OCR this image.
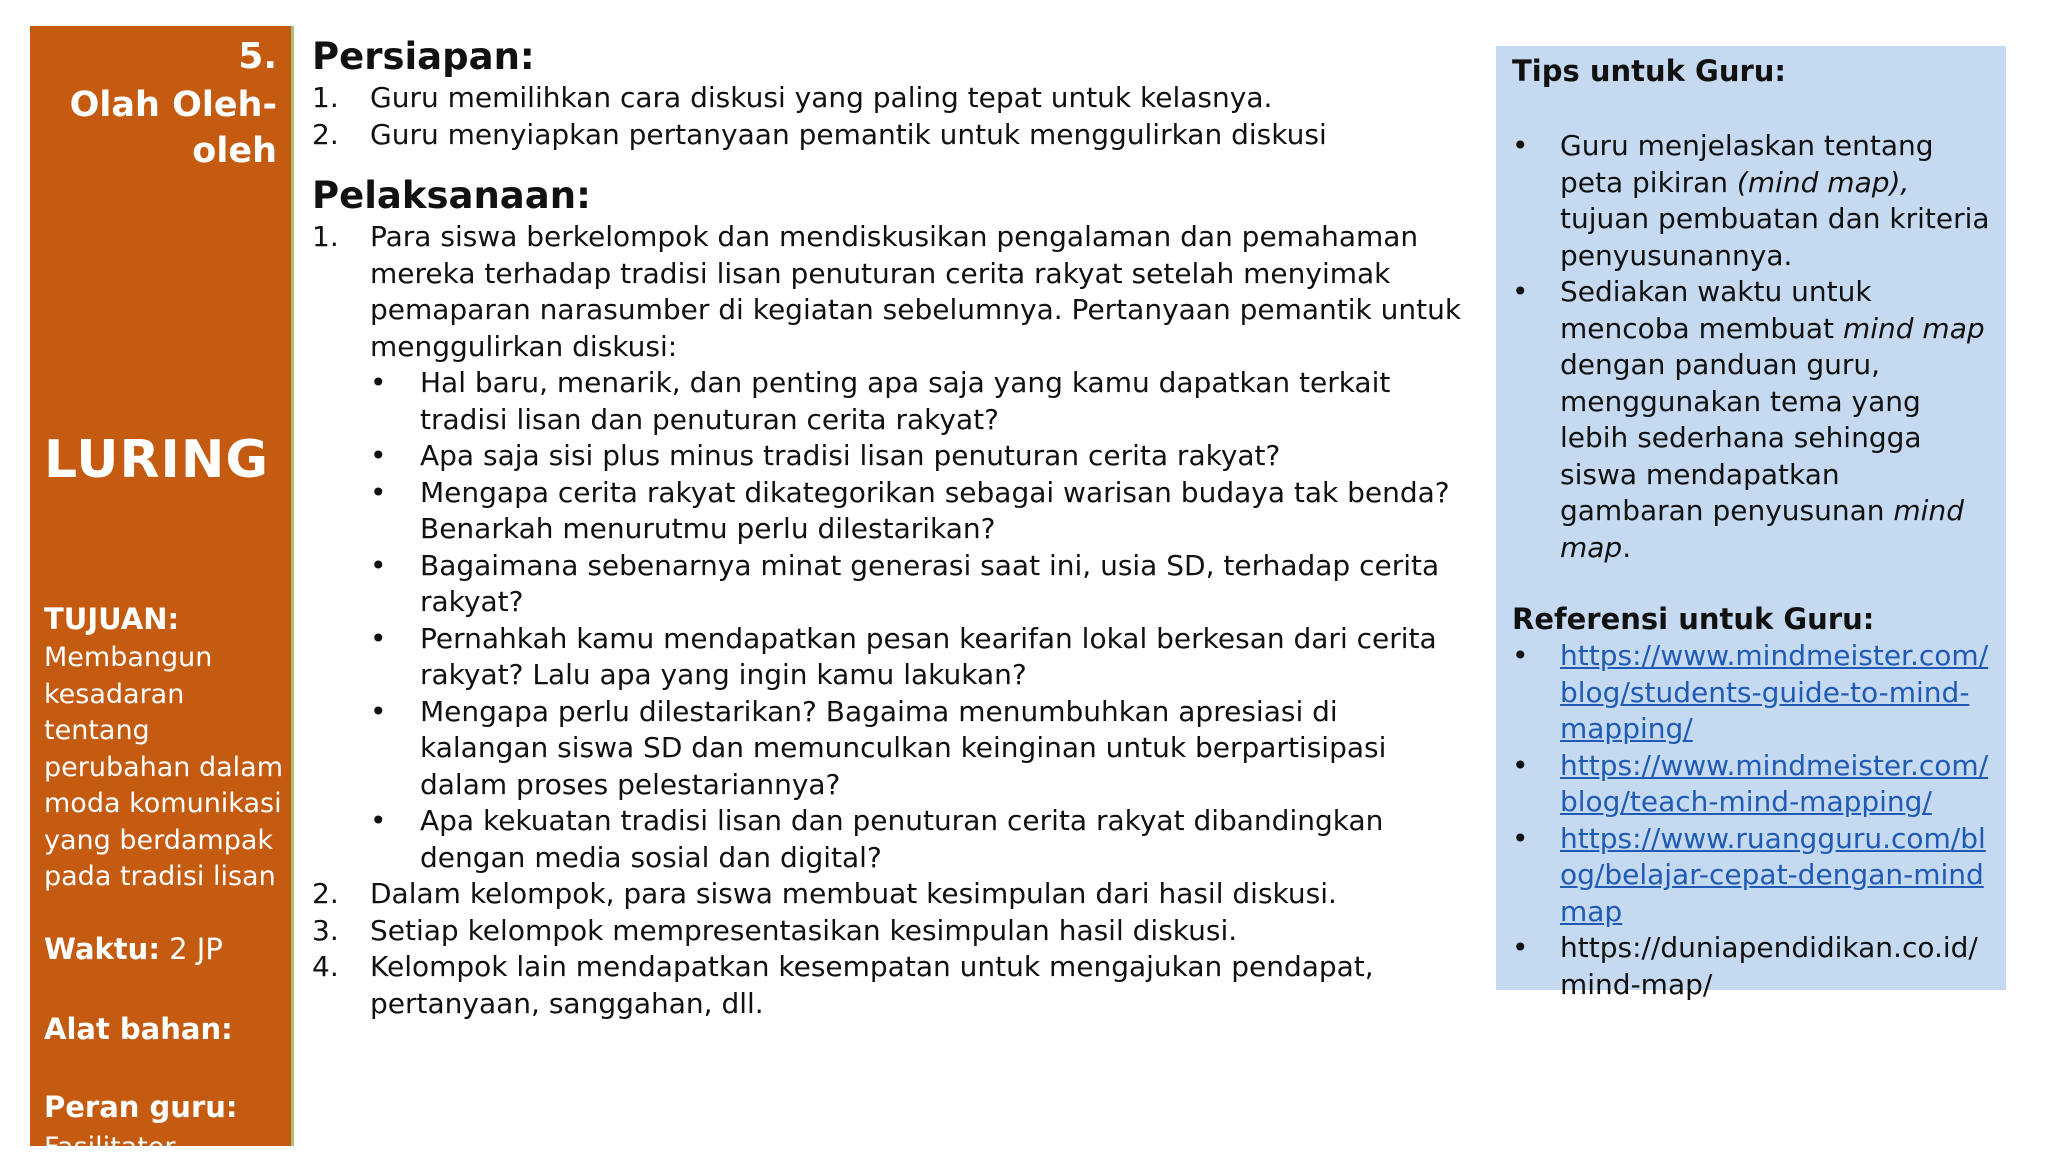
5.
Olah Oleh-oleh
LURING
TUJUAN:
Membangun kesadaran tentang perubahan dalam moda komunikasi yang berdampak pada tradisi lisan
Waktu: 2 JP
Alat bahan:
Peran guru:
Fasilitator
Persiapan:
1. Guru memilihkan cara diskusi yang paling tepat untuk kelasnya.
2. Guru menyiapkan pertanyaan pemantik untuk menggulirkan diskusi
Pelaksanaan:
1. Para siswa berkelompok dan mendiskusikan pengalaman dan pemahaman mereka terhadap tradisi lisan penuturan cerita rakyat setelah menyimak pemaparan narasumber di kegiatan sebelumnya. Pertanyaan pemantik untuk menggulirkan diskusi:
• Hal baru, menarik, dan penting apa saja yang kamu dapatkan terkait tradisi lisan dan penuturan cerita rakyat?
• Apa saja sisi plus minus tradisi lisan penuturan cerita rakyat?
• Mengapa cerita rakyat dikategorikan sebagai warisan budaya tak benda? Benarkah menurutmu perlu dilestarikan?
• Bagaimana sebenarnya minat generasi saat ini, usia SD, terhadap cerita rakyat?
• Pernahkah kamu mendapatkan pesan kearifan lokal berkesan dari cerita rakyat? Lalu apa yang ingin kamu lakukan?
• Mengapa perlu dilestarikan? Bagaima menumbuhkan apresiasi di kalangan siswa SD dan memunculkan keinginan untuk berpartisipasi dalam proses pelestariannya?
• Apa kekuatan tradisi lisan dan penuturan cerita rakyat dibandingkan dengan media sosial dan digital?
2. Dalam kelompok, para siswa membuat kesimpulan dari hasil diskusi.
3. Setiap kelompok mempresentasikan kesimpulan hasil diskusi.
4. Kelompok lain mendapatkan kesempatan untuk mengajukan pendapat, pertanyaan, sanggahan, dll.
Tips untuk Guru:
• Guru menjelaskan tentang peta pikiran (mind map), tujuan pembuatan dan kriteria penyusunannya.
• Sediakan waktu untuk mencoba membuat mind map dengan panduan guru, menggunakan tema yang lebih sederhana sehingga siswa mendapatkan gambaran penyusunan mind map.
Referensi untuk Guru:
• https://www.mindmeister.com/blog/students-guide-to-mind-mapping/
• https://www.mindmeister.com/blog/teach-mind-mapping/
• https://www.ruangguru.com/blog/belajar-cepat-dengan-mindmap
• https://duniapendidikan.co.id/mind-map/
